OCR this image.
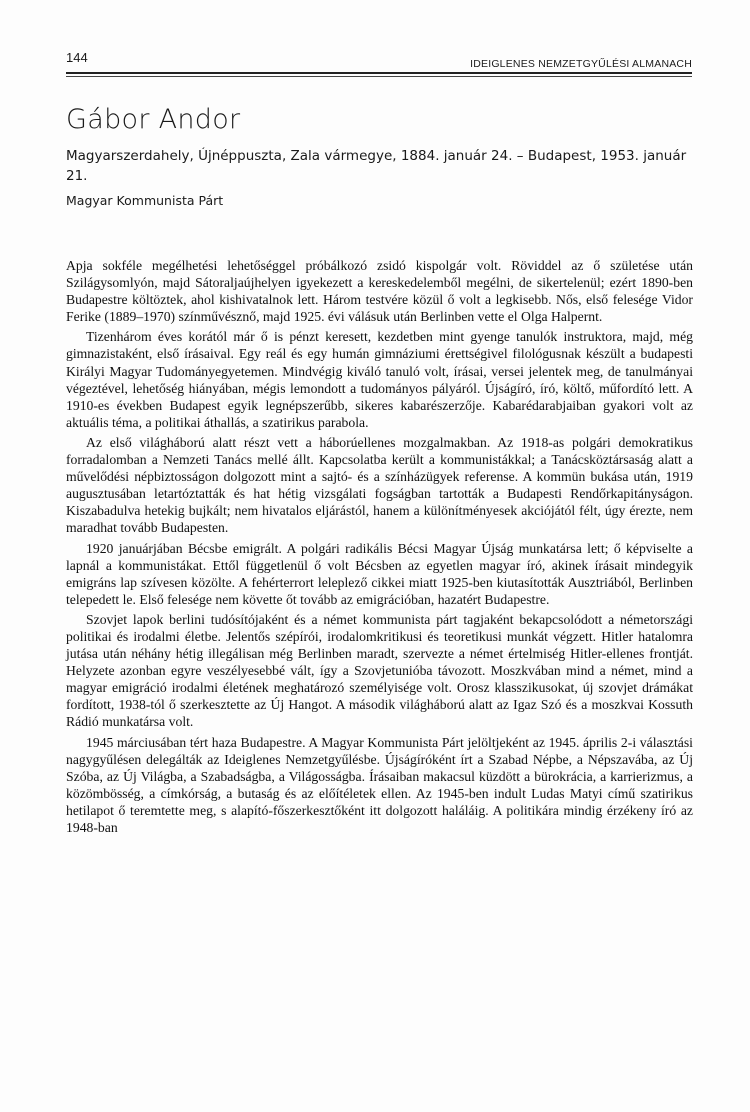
144	IDEIGLENES NEMZETGYŰLÉSI ALMANACH
Gábor Andor
Magyarszerdahely, Újnéppuszta, Zala vármegye, 1884. január 24. – Budapest, 1953. január 21.
Magyar Kommunista Párt

Apja sokféle megélhetési lehetőséggel próbálkozó zsidó kispolgár volt. Röviddel az ő születése után Szilágysomlyón, majd Sátoraljaújhelyen igyekezett a kereskedelemből megélni, de sikertelenül; ezért 1890-ben Budapestre költöztek, ahol kishivatalnok lett. Három testvére közül ő volt a legkisebb. Nős, első felesége Vidor Ferike (1889–1970) színművésznő, majd 1925. évi válásuk után Berlinben vette el Olga Halpernt.

Tizenhárom éves korától már ő is pénzt keresett, kezdetben mint gyenge tanulók instruktora, majd, még gimnazistaként, első írásaival. Egy reál és egy humán gimnáziumi érettségivel filológusnak készült a budapesti Királyi Magyar Tudományegyetemen. Mindvégig kiváló tanuló volt, írásai, versei jelentek meg, de tanulmányai végeztével, lehetőség hiányában, mégis lemondott a tudományos pályáról. Újságíró, író, költő, műfordító lett. A 1910-es években Budapest egyik legnépszerűbb, sikeres kabarészerzője. Kabarédarabjaiban gyakori volt az aktuális téma, a politikai áthallás, a szatirikus parabola.

Az első világháború alatt részt vett a háborúellenes mozgalmakban. Az 1918-as polgári demokratikus forradalomban a Nemzeti Tanács mellé állt. Kapcsolatba került a kommunistákkal; a Tanácsköztársaság alatt a művelődési népbiztosságon dolgozott mint a sajtó- és a színházügyek referense. A kommün bukása után, 1919 augusztusában letartóztatták és hat hétig vizsgálati fogságban tartották a Budapesti Rendőrkapitányságon. Kiszabadulva hetekig bujkált; nem hivatalos eljárástól, hanem a különítményesek akciójától félt, úgy érezte, nem maradhat tovább Budapesten.

1920 januárjában Bécsbe emigrált. A polgári radikális Bécsi Magyar Újság munkatársa lett; ő képviselte a lapnál a kommunistákat. Ettől függetlenül ő volt Bécsben az egyetlen magyar író, akinek írásait mindegyik emigráns lap szívesen közölte. A fehérterrort leleplező cikkei miatt 1925-ben kiutasították Ausztriából, Berlinben telepedett le. Első felesége nem követte őt tovább az emigrációban, hazatért Budapestre.

Szovjet lapok berlini tudósítójaként és a német kommunista párt tagjaként bekapcsolódott a németországi politikai és irodalmi életbe. Jelentős szépírói, irodalomkritikusi és teoretikusi munkát végzett. Hitler hatalomra jutása után néhány hétig illegálisan még Berlinben maradt, szervezte a német értelmiség Hitler-ellenes frontját. Helyzete azonban egyre veszélyesebbé vált, így a Szovjetunióba távozott. Moszkvában mind a német, mind a magyar emigráció irodalmi életének meghatározó személyisége volt. Orosz klasszikusokat, új szovjet drámákat fordított, 1938-tól ő szerkesztette az Új Hangot. A második világháború alatt az Igaz Szó és a moszkvai Kossuth Rádió munkatársa volt.

1945 márciusában tért haza Budapestre. A Magyar Kommunista Párt jelöltjeként az 1945. április 2-i választási nagygyűlésen delegálták az Ideiglenes Nemzetgyűlésbe. Újságíróként írt a Szabad Népbe, a Népszavába, az Új Szóba, az Új Világba, a Szabadságba, a Világosságba. Írásaiban makacsul küzdött a bürokrácia, a karrierizmus, a közömbösség, a címkórság, a butaság és az előítéletek ellen. Az 1945-ben indult Ludas Matyi című szatirikus hetilapot ő teremtette meg, s alapító-főszerkesztőként itt dolgozott haláláig. A politikára mindig érzékeny író az 1948-ban
